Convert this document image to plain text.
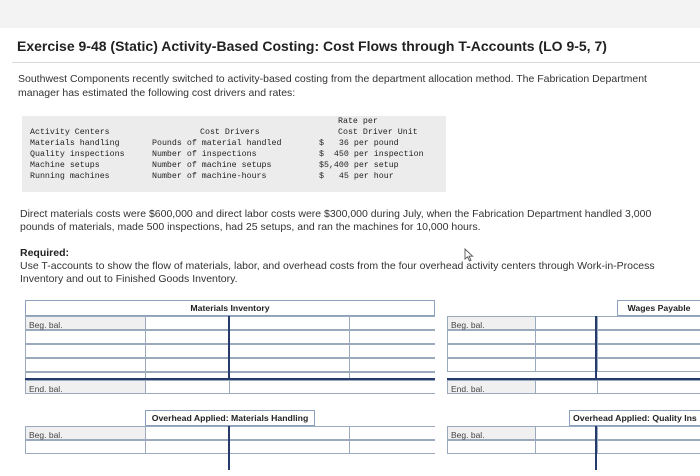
Exercise 9-48 (Static) Activity-Based Costing: Cost Flows through T-Accounts (LO 9-5, 7)
Southwest Components recently switched to activity-based costing from the department allocation method. The Fabrication Department manager has estimated the following cost drivers and rates:
Rate per
Activity Centers	Cost Drivers	Cost Driver Unit
Materials handling	Pounds of material handled	$   36 per pound
Quality inspections	Number of inspections	$  450 per inspection
Machine setups	Number of machine setups	$5,400 per setup
Running machines	Number of machine-hours	$   45 per hour
Direct materials costs were $600,000 and direct labor costs were $300,000 during July, when the Fabrication Department handled 3,000 pounds of materials, made 500 inspections, had 25 setups, and ran the machines for 10,000 hours.
Required:
Use T-accounts to show the flow of materials, labor, and overhead costs from the four overhead activity centers through Work-in-Process Inventory and out to Finished Goods Inventory.
Materials Inventory
Beg. bal.
End. bal.
Overhead Applied: Materials Handling
Beg. bal.
Wages Payable
Beg. bal.
End. bal.
Overhead Applied: Quality Ins
Beg. bal.
